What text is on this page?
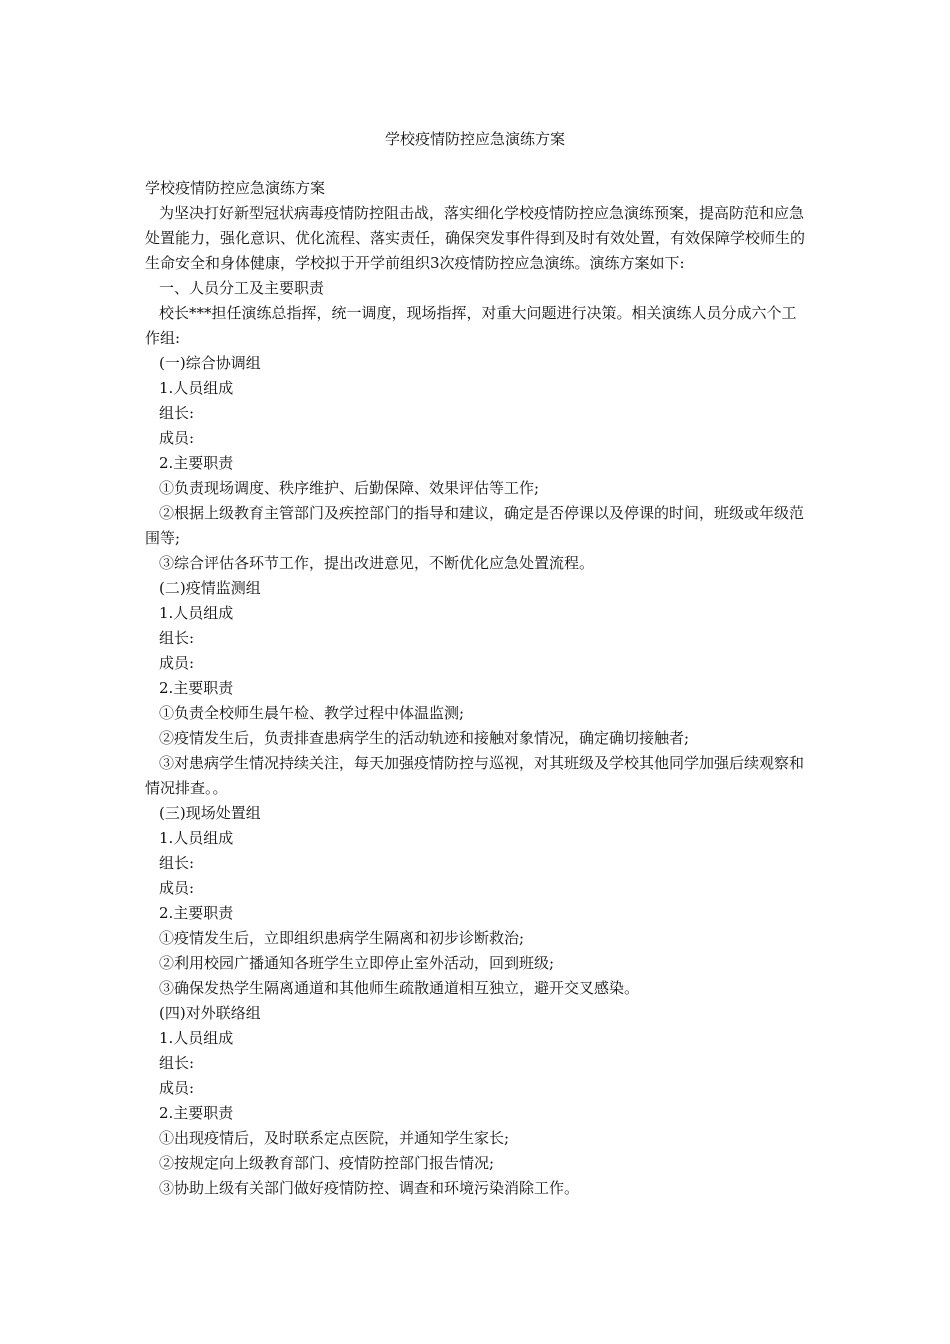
学校疫情防控应急演练方案

学校疫情防控应急演练方案

为坚决打好新型冠状病毒疫情防控阻击战，落实细化学校疫情防控应急演练预案，提高防范和应急处置能力，强化意识、优化流程、落实责任，确保突发事件得到及时有效处置，有效保障学校师生的生命安全和身体健康，学校拟于开学前组织3次疫情防控应急演练。演练方案如下:

一、人员分工及主要职责

校长***担任演练总指挥，统一调度，现场指挥，对重大问题进行决策。相关演练人员分成六个工作组:

(一)综合协调组

1.人员组成

组长:

成员:

2.主要职责

①负责现场调度、秩序维护、后勤保障、效果评估等工作;

②根据上级教育主管部门及疾控部门的指导和建议，确定是否停课以及停课的时间，班级或年级范围等;

③综合评估各环节工作，提出改进意见，不断优化应急处置流程。

(二)疫情监测组

1.人员组成

组长:

成员:

2.主要职责

①负责全校师生晨午检、教学过程中体温监测;

②疫情发生后，负责排查患病学生的活动轨迹和接触对象情况，确定确切接触者;

③对患病学生情况持续关注，每天加强疫情防控与巡视，对其班级及学校其他同学加强后续观察和情况排查。。

(三)现场处置组

1.人员组成

组长:

成员:

2.主要职责

①疫情发生后，立即组织患病学生隔离和初步诊断救治;

②利用校园广播通知各班学生立即停止室外活动，回到班级;

③确保发热学生隔离通道和其他师生疏散通道相互独立，避开交叉感染。

(四)对外联络组

1.人员组成

组长:

成员:

2.主要职责

①出现疫情后，及时联系定点医院，并通知学生家长;

②按规定向上级教育部门、疫情防控部门报告情况;

③协助上级有关部门做好疫情防控、调查和环境污染消除工作。
